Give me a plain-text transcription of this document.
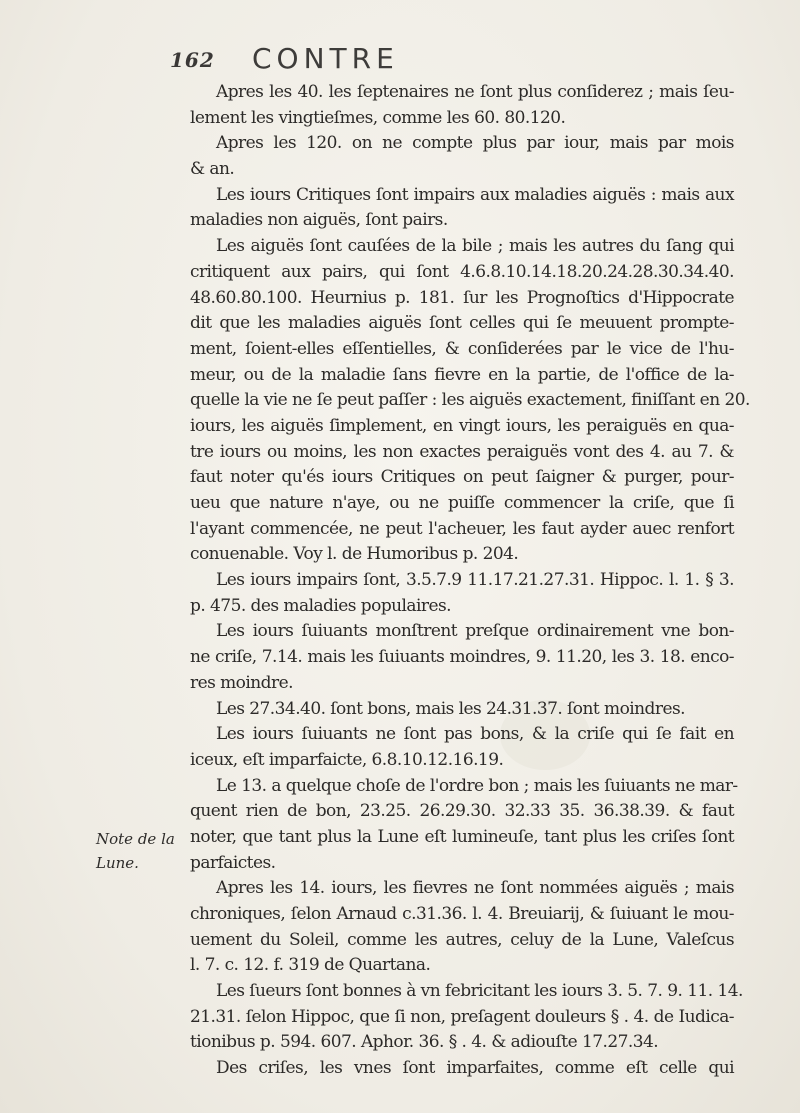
162 CONTRE
Apres les 40. les ſeptenaires ne ſont plus conſiderez ; mais ſeu-
lement les vingtieſmes, comme les 60. 80.120.
Apres les 120. on ne compte plus par iour, mais par mois
& an.
Les iours Critiques ſont impairs aux maladies aiguës : mais aux
maladies non aiguës, ſont pairs.
Les aiguës ſont cauſées de la bile ; mais les autres du ſang qui
critiquent aux pairs, qui ſont 4.6.8.10.14.18.20.24.28.30.34.40.
48.60.80.100. Heurnius p. 181. ſur les Prognoſtics d'Hippocrate
dit que les maladies aiguës ſont celles qui ſe meuuent prompte-
ment, ſoient-elles eſſentielles, & conſiderées par le vice de l'hu-
meur, ou de la maladie ſans fievre en la partie, de l'office de la-
quelle la vie ne ſe peut paſſer : les aiguës exactement, finiſſant en 20.
iours, les aiguës ſimplement, en vingt iours, les peraiguës en qua-
tre iours ou moins, les non exactes peraiguës vont des 4. au 7. &
faut noter qu'és iours Critiques on peut ſaigner & purger, pour-
ueu que nature n'aye, ou ne puiſſe commencer la criſe, que ſi
l'ayant commencée, ne peut l'acheuer, les faut ayder auec renfort
conuenable. Voy l. de Humoribus p. 204.
Les iours impairs ſont, 3.5.7.9 11.17.21.27.31. Hippoc. l. 1. § 3.
p. 475. des maladies populaires.
Les iours ſuiuants monſtrent preſque ordinairement vne bon-
ne criſe, 7.14. mais les ſuiuants moindres, 9. 11.20, les 3. 18. enco-
res moindre.
Les 27.34.40. ſont bons, mais les 24.31.37. ſont moindres.
Les iours ſuiuants ne ſont pas bons, & la criſe qui ſe fait en
iceux, eſt imparfaicte, 6.8.10.12.16.19.
Le 13. a quelque choſe de l'ordre bon ; mais les ſuiuants ne mar-
quent rien de bon, 23.25. 26.29.30. 32.33 35. 36.38.39. & faut
noter, que tant plus la Lune eſt lumineuſe, tant plus les criſes ſont
parfaictes.
Apres les 14. iours, les fievres ne ſont nommées aiguës ; mais
chroniques, ſelon Arnaud c.31.36. l. 4. Breuiarij, & ſuiuant le mou-
uement du Soleil, comme les autres, celuy de la Lune, Valeſcus
l. 7. c. 12. f. 319 de Quartana.
Les ſueurs ſont bonnes à vn febricitant les iours 3. 5. 7. 9. 11. 14.
21.31. ſelon Hippoc, que ſi non, preſagent douleurs § . 4. de Iudica-
tionibus p. 594. 607. Aphor. 36. § . 4. & adiouſte 17.27.34.
Des criſes, les vnes ſont imparfaites, comme eſt celle qui
Note de la
Lune.
